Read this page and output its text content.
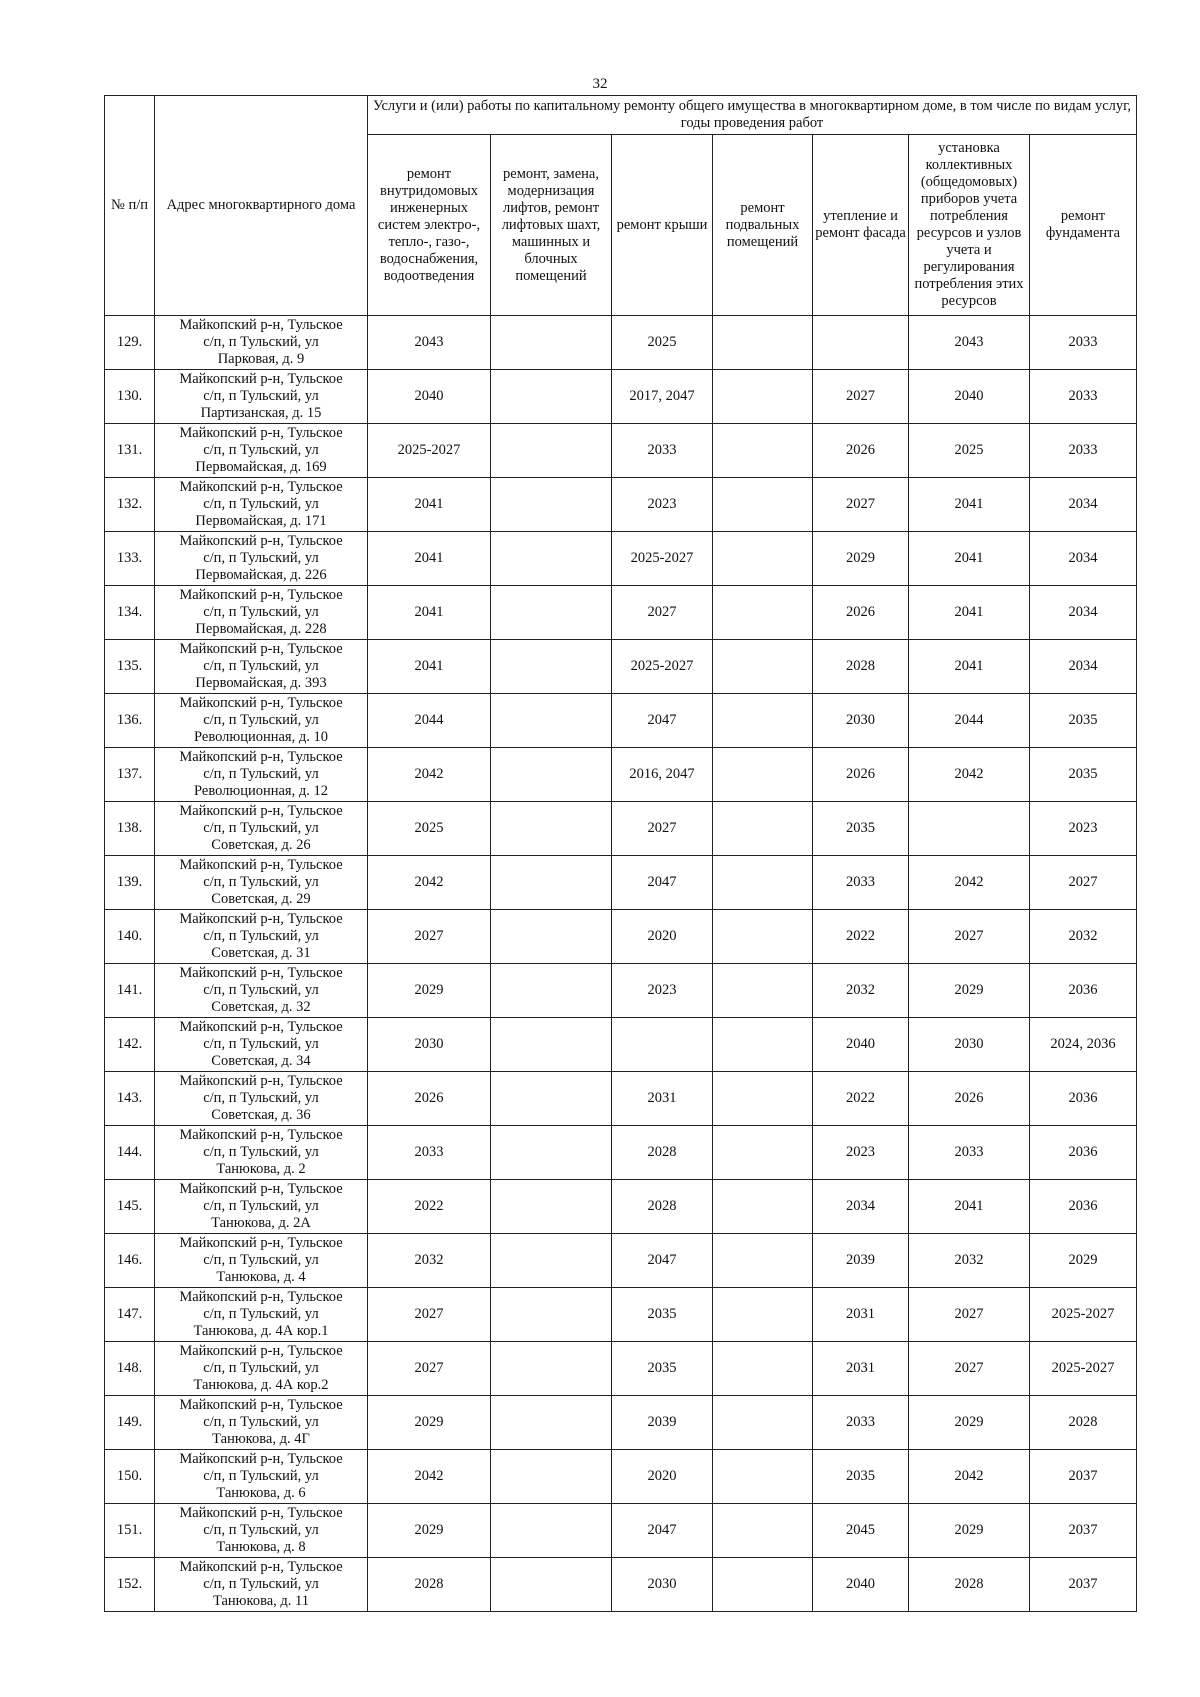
32
№ п/п	Адрес многоквартирного дома	Услуги и (или) работы по капитальному ремонту общего имущества в многоквартирном доме, в том числе по видам услуг, годы проведения работ						
		ремонт внутридомовых инженерных систем электро-, тепло-, газо-, водоснабжения, водоотведения	ремонт, замена, модернизация лифтов, ремонт лифтовых шахт, машинных и блочных помещений	ремонт крыши	ремонт подвальных помещений	утепление и ремонт фасада	установка коллективных (общедомовых) приборов учета потребления ресурсов и узлов учета и регулирования потребления этих ресурсов	ремонт фундамента
129.	Майкопский р-н, Тульское
с/п, п Тульский, ул
Парковая, д. 9	2043		2025			2043	2033
130.	Майкопский р-н, Тульское
с/п, п Тульский, ул
Партизанская, д. 15	2040		2017, 2047		2027	2040	2033
131.	Майкопский р-н, Тульское
с/п, п Тульский, ул
Первомайская, д. 169	2025-2027		2033		2026	2025	2033
132.	Майкопский р-н, Тульское
с/п, п Тульский, ул
Первомайская, д. 171	2041		2023		2027	2041	2034
133.	Майкопский р-н, Тульское
с/п, п Тульский, ул
Первомайская, д. 226	2041		2025-2027		2029	2041	2034
134.	Майкопский р-н, Тульское
с/п, п Тульский, ул
Первомайская, д. 228	2041		2027		2026	2041	2034
135.	Майкопский р-н, Тульское
с/п, п Тульский, ул
Первомайская, д. 393	2041		2025-2027		2028	2041	2034
136.	Майкопский р-н, Тульское
с/п, п Тульский, ул
Революционная, д. 10	2044		2047		2030	2044	2035
137.	Майкопский р-н, Тульское
с/п, п Тульский, ул
Революционная, д. 12	2042		2016, 2047		2026	2042	2035
138.	Майкопский р-н, Тульское
с/п, п Тульский, ул
Советская, д. 26	2025		2027		2035		2023
139.	Майкопский р-н, Тульское
с/п, п Тульский, ул
Советская, д. 29	2042		2047		2033	2042	2027
140.	Майкопский р-н, Тульское
с/п, п Тульский, ул
Советская, д. 31	2027		2020		2022	2027	2032
141.	Майкопский р-н, Тульское
с/п, п Тульский, ул
Советская, д. 32	2029		2023		2032	2029	2036
142.	Майкопский р-н, Тульское
с/п, п Тульский, ул
Советская, д. 34	2030				2040	2030	2024, 2036
143.	Майкопский р-н, Тульское
с/п, п Тульский, ул
Советская, д. 36	2026		2031		2022	2026	2036
144.	Майкопский р-н, Тульское
с/п, п Тульский, ул
Танюкова, д. 2	2033		2028		2023	2033	2036
145.	Майкопский р-н, Тульское
с/п, п Тульский, ул
Танюкова, д. 2А	2022		2028		2034	2041	2036
146.	Майкопский р-н, Тульское
с/п, п Тульский, ул
Танюкова, д. 4	2032		2047		2039	2032	2029
147.	Майкопский р-н, Тульское
с/п, п Тульский, ул
Танюкова, д. 4А кор.1	2027		2035		2031	2027	2025-2027
148.	Майкопский р-н, Тульское
с/п, п Тульский, ул
Танюкова, д. 4А кор.2	2027		2035		2031	2027	2025-2027
149.	Майкопский р-н, Тульское
с/п, п Тульский, ул
Танюкова, д. 4Г	2029		2039		2033	2029	2028
150.	Майкопский р-н, Тульское
с/п, п Тульский, ул
Танюкова, д. 6	2042		2020		2035	2042	2037
151.	Майкопский р-н, Тульское
с/п, п Тульский, ул
Танюкова, д. 8	2029		2047		2045	2029	2037
152.	Майкопский р-н, Тульское
с/п, п Тульский, ул
Танюкова, д. 11	2028		2030		2040	2028	2037
